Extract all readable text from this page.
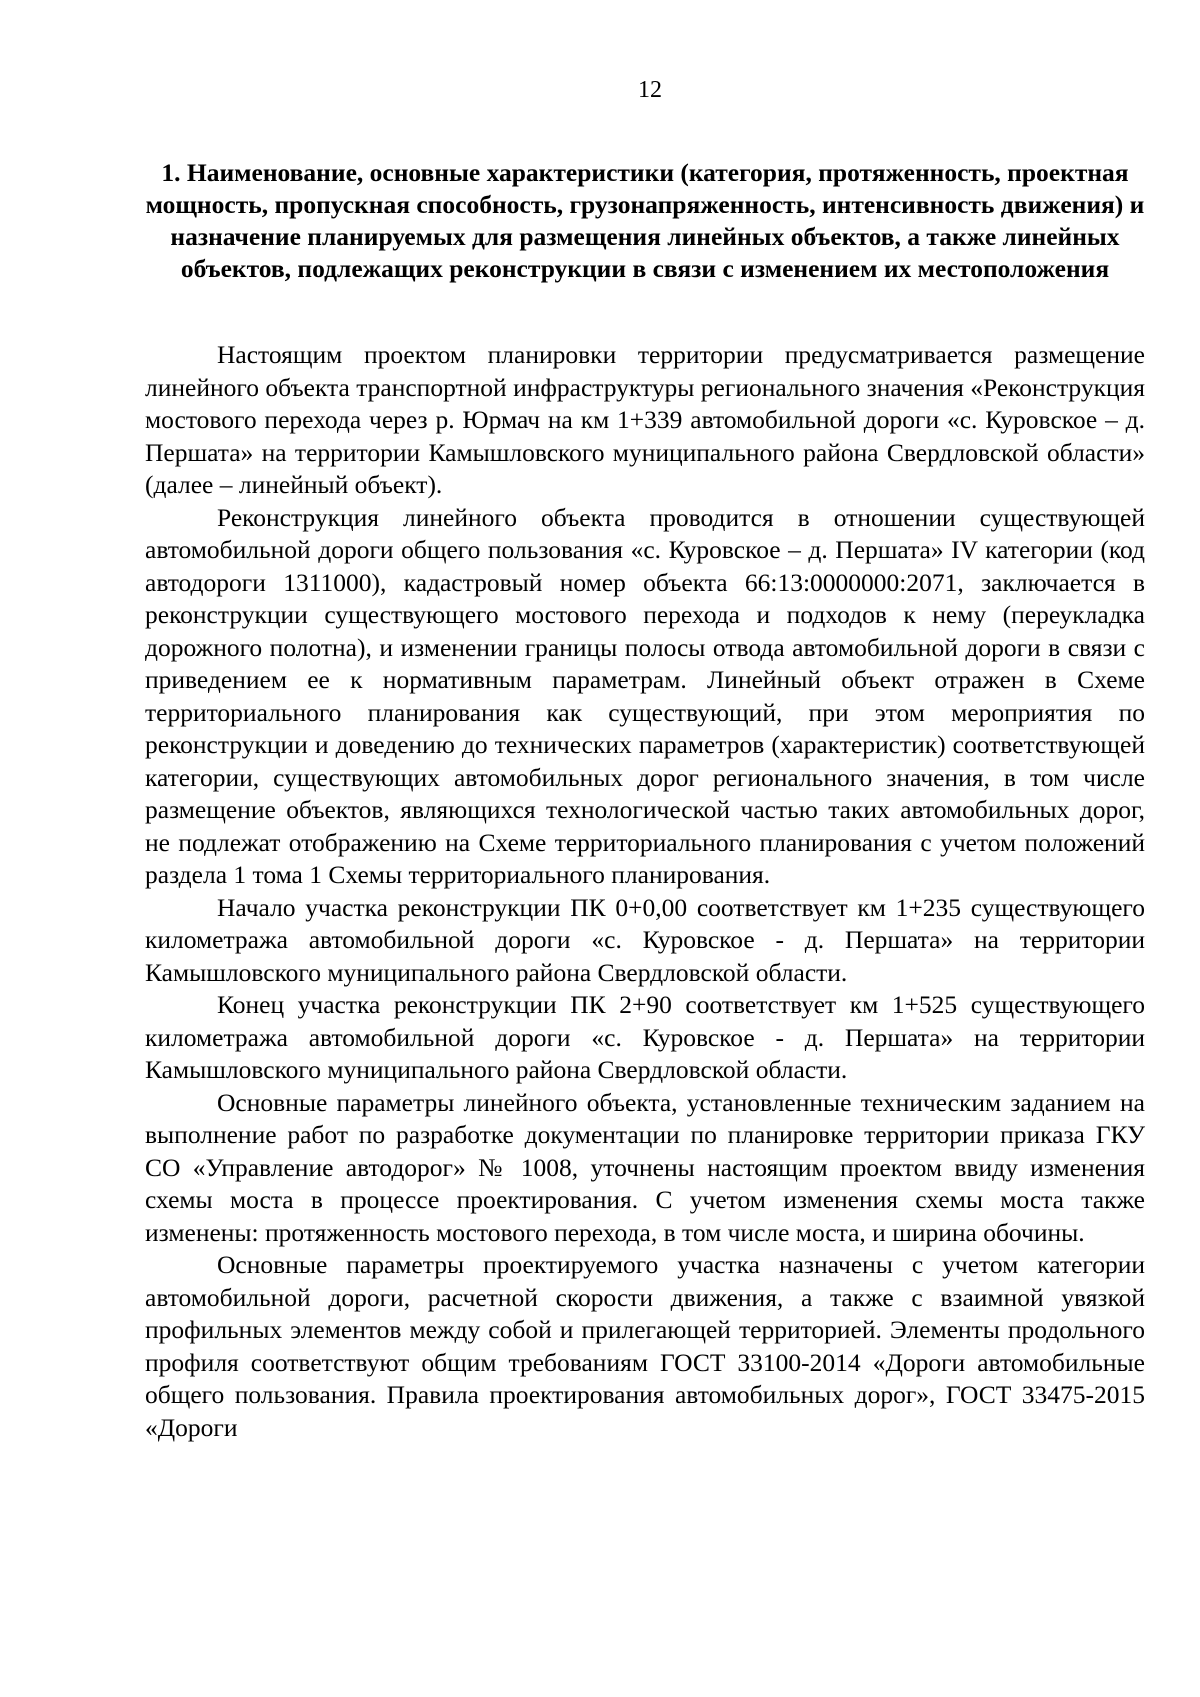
12
1. Наименование, основные характеристики (категория, протяженность, проектная мощность, пропускная способность, грузонапряженность, интенсивность движения) и назначение планируемых для размещения линейных объектов, а также линейных объектов, подлежащих реконструкции в связи с изменением их местоположения

Настоящим проектом планировки территории предусматривается размещение линейного объекта транспортной инфраструктуры регионального значения «Реконструкция мостового перехода через р. Юрмач на км 1+339 автомобильной дороги «с. Куровское – д. Першата» на территории Камышловского муниципального района Свердловской области» (далее – линейный объект).

Реконструкция линейного объекта проводится в отношении существующей автомобильной дороги общего пользования «с. Куровское – д. Першата» IV категории (код автодороги 1311000), кадастровый номер объекта 66:13:0000000:2071, заключается в реконструкции существующего мостового перехода и подходов к нему (переукладка дорожного полотна), и изменении границы полосы отвода автомобильной дороги в связи с приведением ее к нормативным параметрам. Линейный объект отражен в Схеме территориального планирования как существующий, при этом мероприятия по реконструкции и доведению до технических параметров (характеристик) соответствующей категории, существующих автомобильных дорог регионального значения, в том числе размещение объектов, являющихся технологической частью таких автомобильных дорог, не подлежат отображению на Схеме территориального планирования с учетом положений раздела 1 тома 1 Схемы территориального планирования.

Начало участка реконструкции ПК 0+0,00 соответствует км 1+235 существующего километража автомобильной дороги «с. Куровское - д. Першата» на территории Камышловского муниципального района Свердловской области.

Конец участка реконструкции ПК 2+90 соответствует км 1+525 существующего километража автомобильной дороги «с. Куровское - д. Першата» на территории Камышловского муниципального района Свердловской области.

Основные параметры линейного объекта, установленные техническим заданием на выполнение работ по разработке документации по планировке территории приказа ГКУ СО «Управление автодорог» № 1008, уточнены настоящим проектом ввиду изменения схемы моста в процессе проектирования. С учетом изменения схемы моста также изменены: протяженность мостового перехода, в том числе моста, и ширина обочины.

Основные параметры проектируемого участка назначены с учетом категории автомобильной дороги, расчетной скорости движения, а также с взаимной увязкой профильных элементов между собой и прилегающей территорией. Элементы продольного профиля соответствуют общим требованиям ГОСТ 33100-2014 «Дороги автомобильные общего пользования. Правила проектирования автомобильных дорог», ГОСТ 33475-2015 «Дороги
